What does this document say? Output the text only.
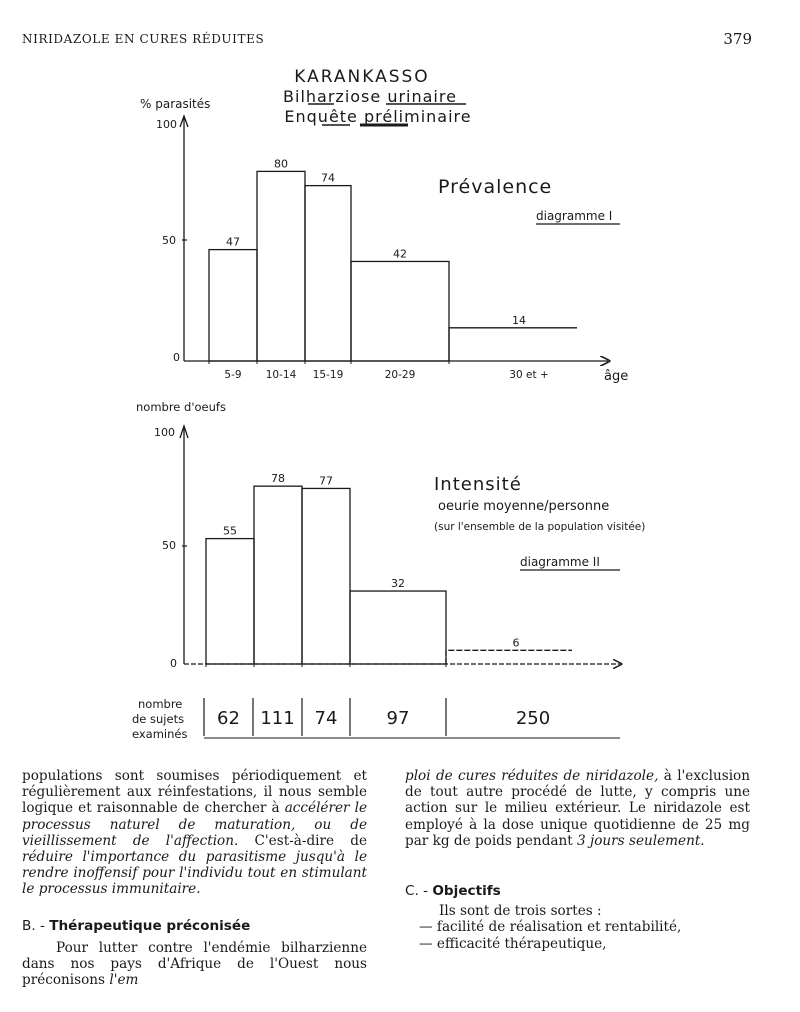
NIRIDAZOLE EN CURES RÉDUITES	379
KARANKASSO
Bilharziose urinaire
Enquête préliminaire
% parasités
100
50
0
âge
Prévalence
diagramme I
47
5-9
80
10-14
74
15-19
42
20-29
14
30 et +
nombre d'oeufs
100
50
0
Intensité
oeurie moyenne/personne
(sur l'ensemble de la population visitée)
diagramme II
55
78	77
32
6
nombre
de sujets
examinés
62 111 74	97	250

populations sont soumises périodiquement et régulièrement aux réinfestations, il nous semble logique et raisonnable de chercher à accélérer le processus naturel de maturation, ou de vieillissement de l'affection. C'est-à-dire de réduire l'importance du parasitisme jusqu'à le rendre inoffensif pour l'individu tout en stimulant le processus immunitaire.

B. - Thérapeutique préconisée

Pour lutter contre l'endémie bilharzienne dans nos pays d'Afrique de l'Ouest nous préconisons l'em

ploi de cures réduites de niridazole, à l'exclusion de tout autre procédé de lutte, y compris une action sur le milieu extérieur. Le niridazole est employé à la dose unique quotidienne de 25 mg par kg de poids pendant 3 jours seulement.

C. - Objectifs

Ils sont de trois sortes :

— facilité de réalisation et rentabilité,

— efficacité thérapeutique,
